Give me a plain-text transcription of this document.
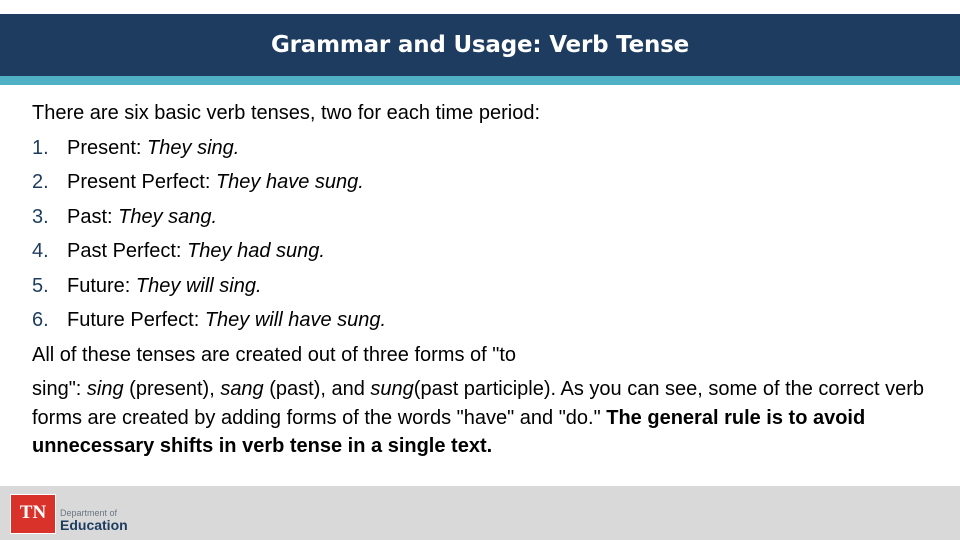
Grammar and Usage: Verb Tense
There are six basic verb tenses, two for each time period:
1. Present: They sing.
2. Present Perfect: They have sung.
3. Past: They sang.
4. Past Perfect: They had sung.
5. Future: They will sing.
6. Future Perfect: They will have sung.
All of these tenses are created out of three forms of "to
sing": sing (present), sang (past), and sung(past participle). As you can see, some of the correct verb forms are created by adding forms of the words "have" and "do." The general rule is to avoid unnecessary shifts in verb tense in a single text.
TN	Department of
Education
